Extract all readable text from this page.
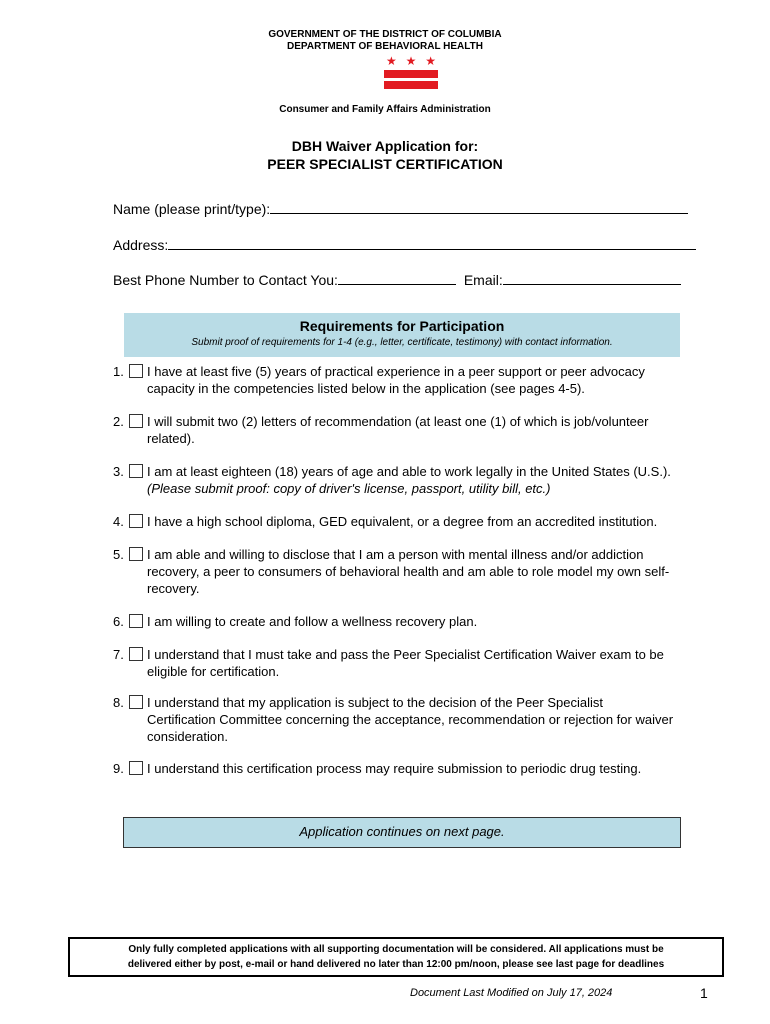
GOVERNMENT OF THE DISTRICT OF COLUMBIA
DEPARTMENT OF BEHAVIORAL HEALTH
★ ★ ★
Consumer and Family Affairs Administration
DBH Waiver Application for:
PEER SPECIALIST CERTIFICATION
Name (please print/type):
Address:
Best Phone Number to Contact You:	Email:
Requirements for Participation
Submit proof of requirements for 1-4 (e.g., letter, certificate, testimony) with contact information.
1. I have at least five (5) years of practical experience in a peer support or peer advocacy
capacity in the competencies listed below in the application (see pages 4-5).
2. I will submit two (2) letters of recommendation (at least one (1) of which is job/volunteer
related).
3. I am at least eighteen (18) years of age and able to work legally in the United States (U.S.).
(Please submit proof: copy of driver's license, passport, utility bill, etc.)
4. I have a high school diploma, GED equivalent, or a degree from an accredited institution.
5. I am able and willing to disclose that I am a person with mental illness and/or addiction
recovery, a peer to consumers of behavioral health and am able to role model my own self-
recovery.
6. I am willing to create and follow a wellness recovery plan.
7. I understand that I must take and pass the Peer Specialist Certification Waiver exam to be
eligible for certification.
8. I understand that my application is subject to the decision of the Peer Specialist
Certification Committee concerning the acceptance, recommendation or rejection for waiver
consideration.
9. I understand this certification process may require submission to periodic drug testing.
Application continues on next page.
Only fully completed applications with all supporting documentation will be considered. All applications must be
delivered either by post, e-mail or hand delivered no later than 12:00 pm/noon, please see last page for deadlines
Document Last Modified on July 17, 2024	1
